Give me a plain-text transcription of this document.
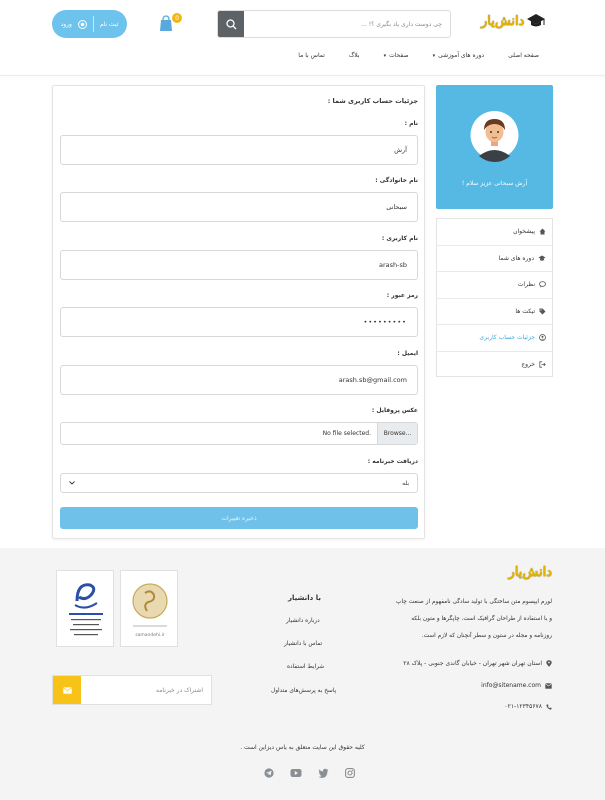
دانش‌یار
چی دوست داری یاد بگیری ؟! ...
0
ثبت نام
ورود
صفحه اصلی
دوره های آموزشی
▾
صفحات
▾
بلاگ
تماس با ما
آرش سبحانی عزیز سلام !
پیشخوان
دوره های شما
نظرات
تیکت ها
جزئیات حساب کاربری
خروج
جزئیات حساب کاربری شما :
نام :
آرش
نام خانوادگی :
سبحانی
نام کاربری :
arash-sb
رمز عبور :
•••••••••
ایمیل :
arash.sb@gmail.com
عکس پروفایل :
No file selected.	Browse...
دریافت خبرنامه :
بله
ذخیره تغییرات
دانش‌یار
لورم ایپسوم متن ساختگی با تولید سادگی نامفهوم از صنعت چاپ و با استفاده از طراحان گرافیک است. چاپگرها و متون بلکه روزنامه و مجله در ستون و سطر آنچنان که لازم است.
استان تهران شهر تهران - خیابان گاندی جنوبی - پلاک ۲۸
info@sitename.com
۰۲۱-۱۲۳۴۵۶۷۸
با دانشیار
درباره دانشیار
تماس با دانشیار
شرایط استفاده
پاسخ به پرسش‌های متداول
samandehi.ir
اشتراک در خبرنامه
کلیه حقوق این سایت متعلق به یاس دیزاین است .
